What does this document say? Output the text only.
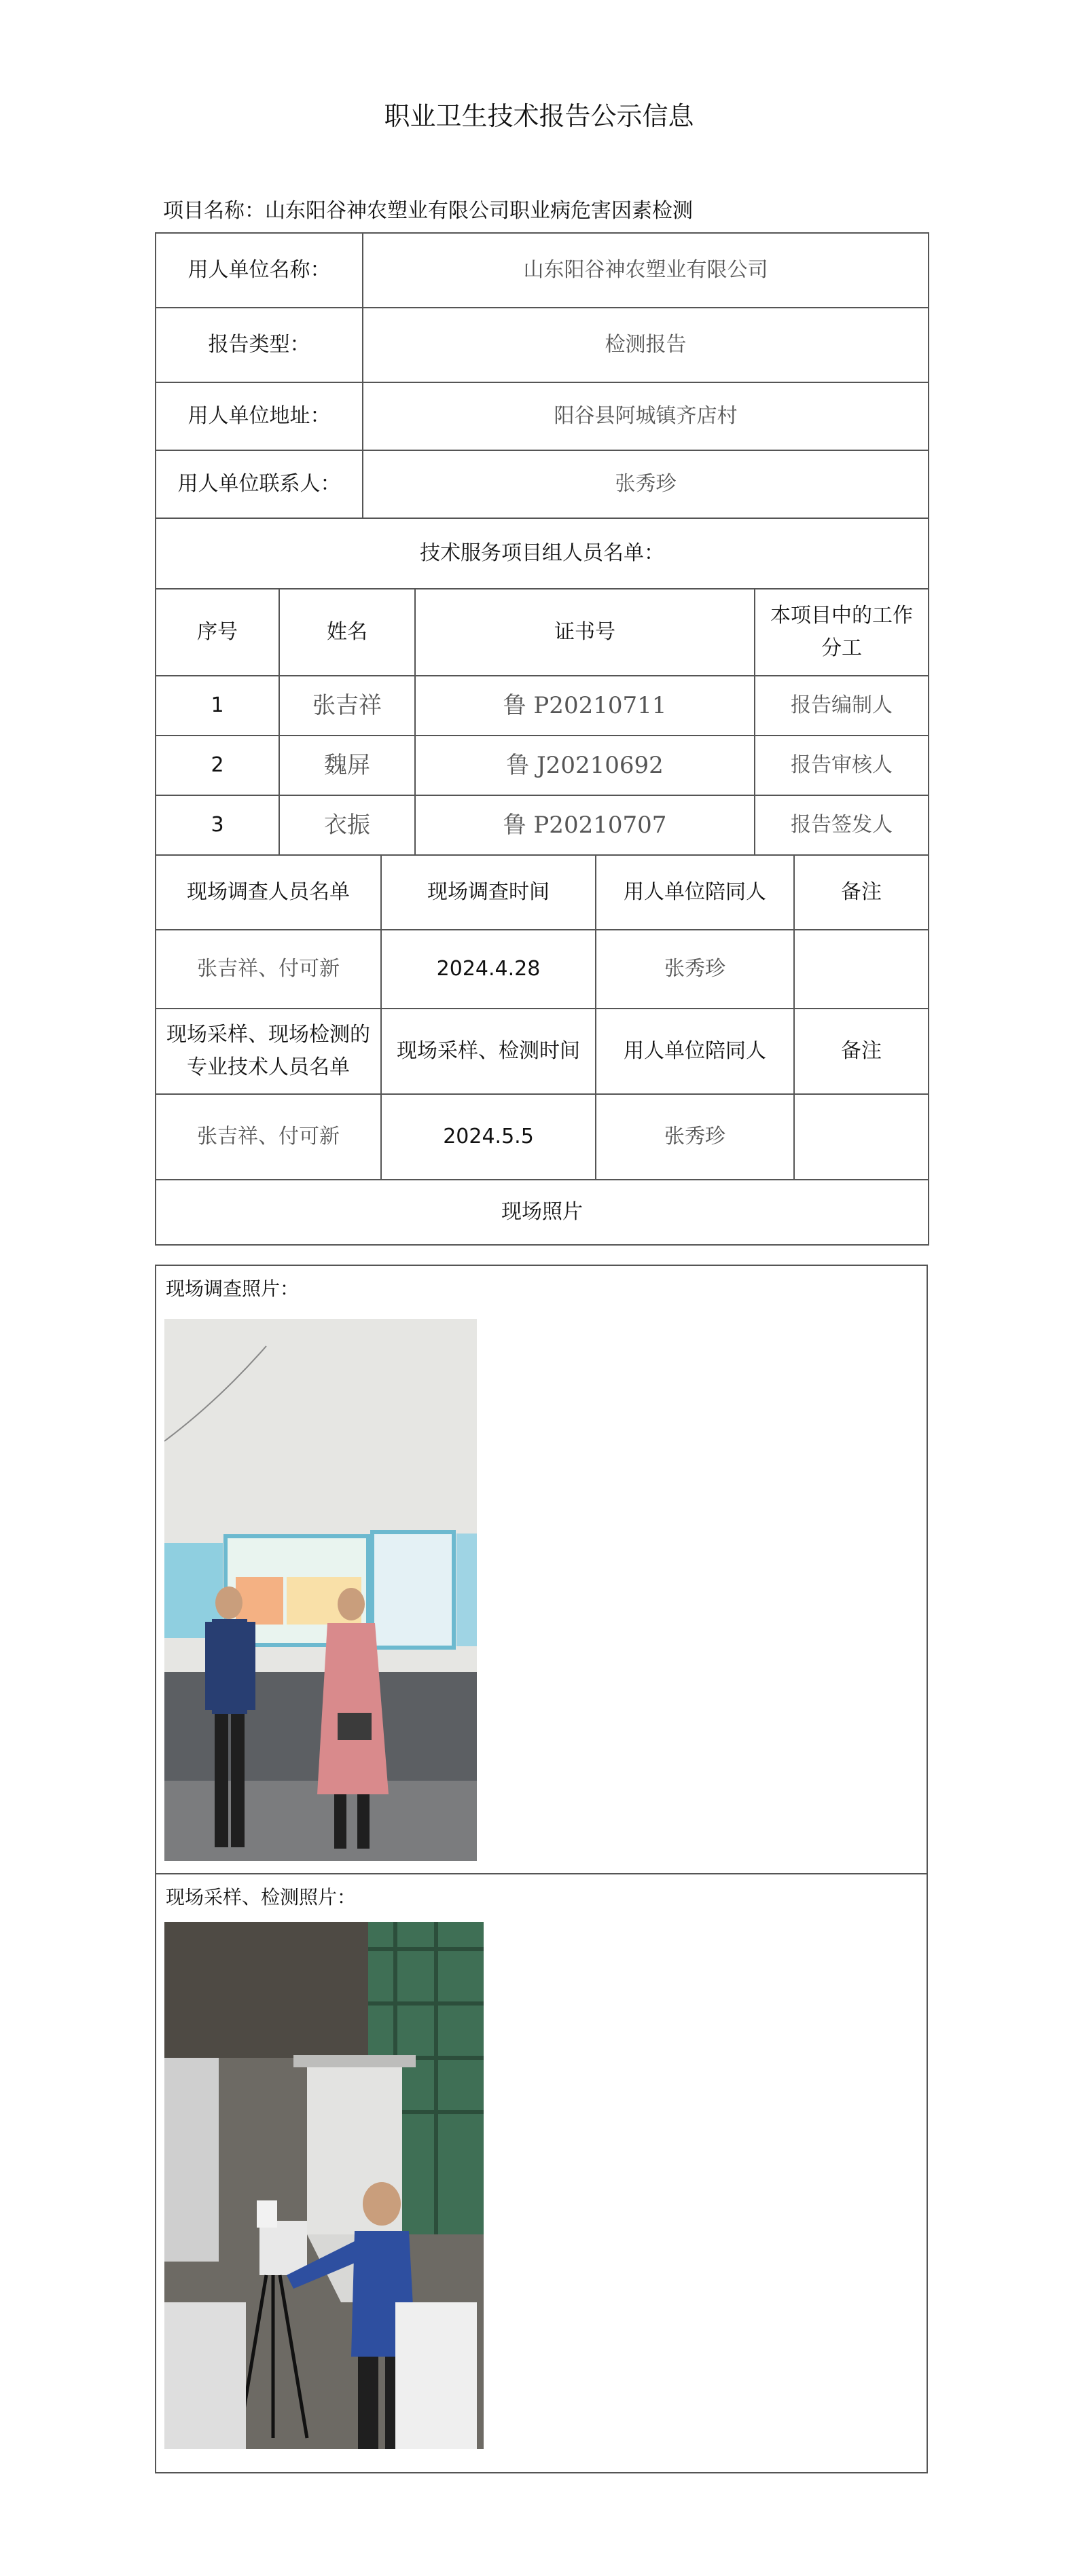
职业卫生技术报告公示信息
项目名称：山东阳谷神农塑业有限公司职业病危害因素检测
用人单位名称：	山东阳谷神农塑业有限公司
报告类型：	检测报告
用人单位地址：	阳谷县阿城镇齐店村
用人单位联系人：	张秀珍
技术服务项目组人员名单：	
序号	姓名	证书号	本项目中的工作分工
1	张吉祥	鲁 P20210711	报告编制人
2	魏屏	鲁 J20210692	报告审核人
3	衣振	鲁 P20210707	报告签发人
现场调查人员名单	现场调查时间	用人单位陪同人	备注
张吉祥、付可新	2024.4.28	张秀珍	
现场采样、现场检测的专业技术人员名单	现场采样、检测时间	用人单位陪同人	备注
张吉祥、付可新	2024.5.5	张秀珍	
现场照片			
现场调查照片：
现场采样、检测照片：
